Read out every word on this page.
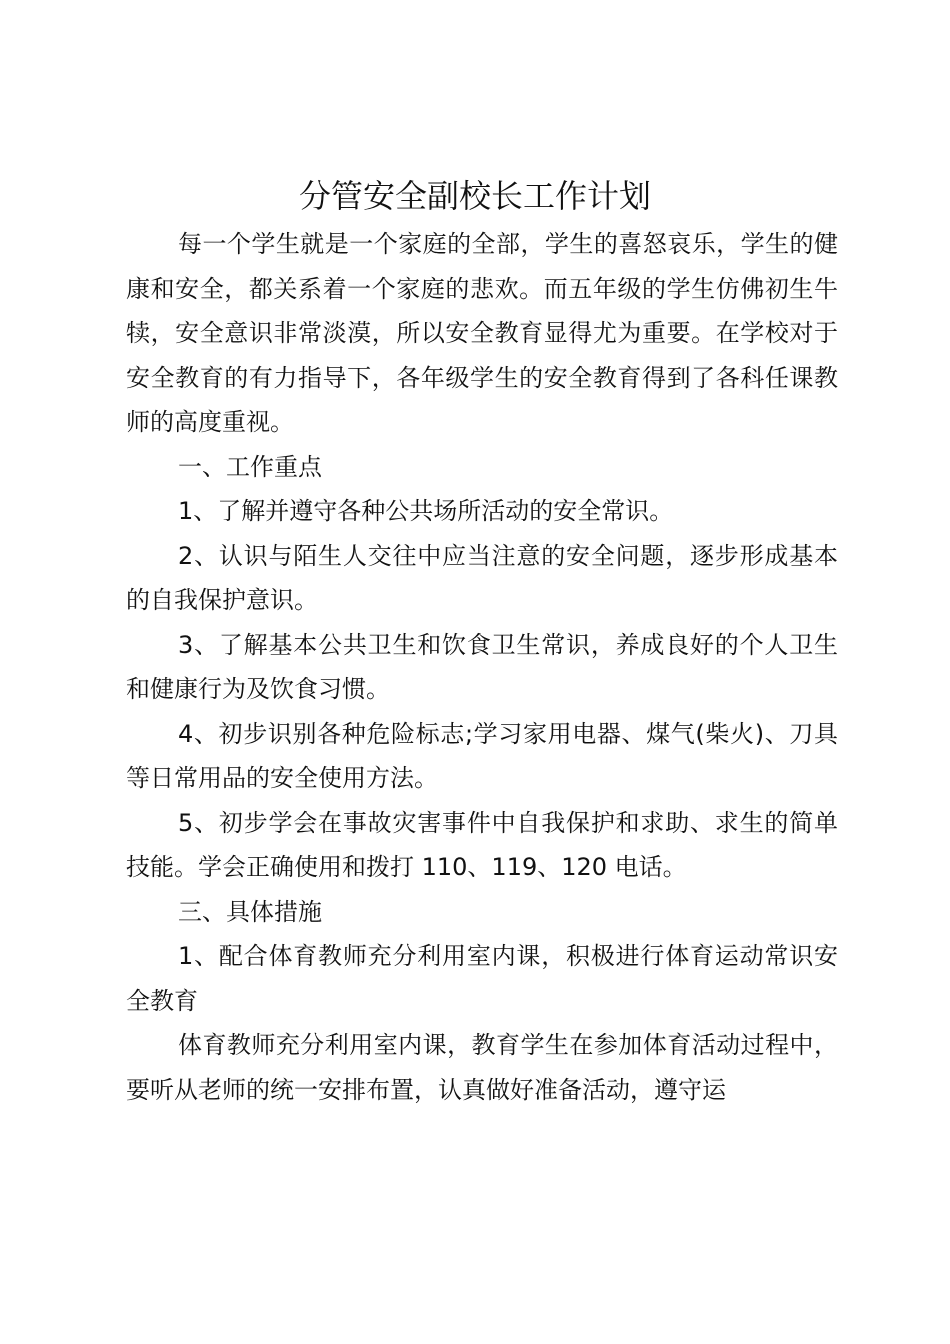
分管安全副校长工作计划

每一个学生就是一个家庭的全部，学生的喜怒哀乐，学生的健康和安全，都关系着一个家庭的悲欢。而五年级的学生仿佛初生牛犊，安全意识非常淡漠，所以安全教育显得尤为重要。在学校对于安全教育的有力指导下，各年级学生的安全教育得到了各科任课教师的高度重视。

一、工作重点

1、了解并遵守各种公共场所活动的安全常识。

2、认识与陌生人交往中应当注意的安全问题，逐步形成基本的自我保护意识。

3、了解基本公共卫生和饮食卫生常识，养成良好的个人卫生和健康行为及饮食习惯。

4、初步识别各种危险标志;学习家用电器、煤气(柴火)、刀具等日常用品的安全使用方法。

5、初步学会在事故灾害事件中自我保护和求助、求生的简单技能。学会正确使用和拨打 110、119、120 电话。

三、具体措施

1、配合体育教师充分利用室内课，积极进行体育运动常识安全教育

体育教师充分利用室内课，教育学生在参加体育活动过程中，要听从老师的统一安排布置，认真做好准备活动，遵守运
